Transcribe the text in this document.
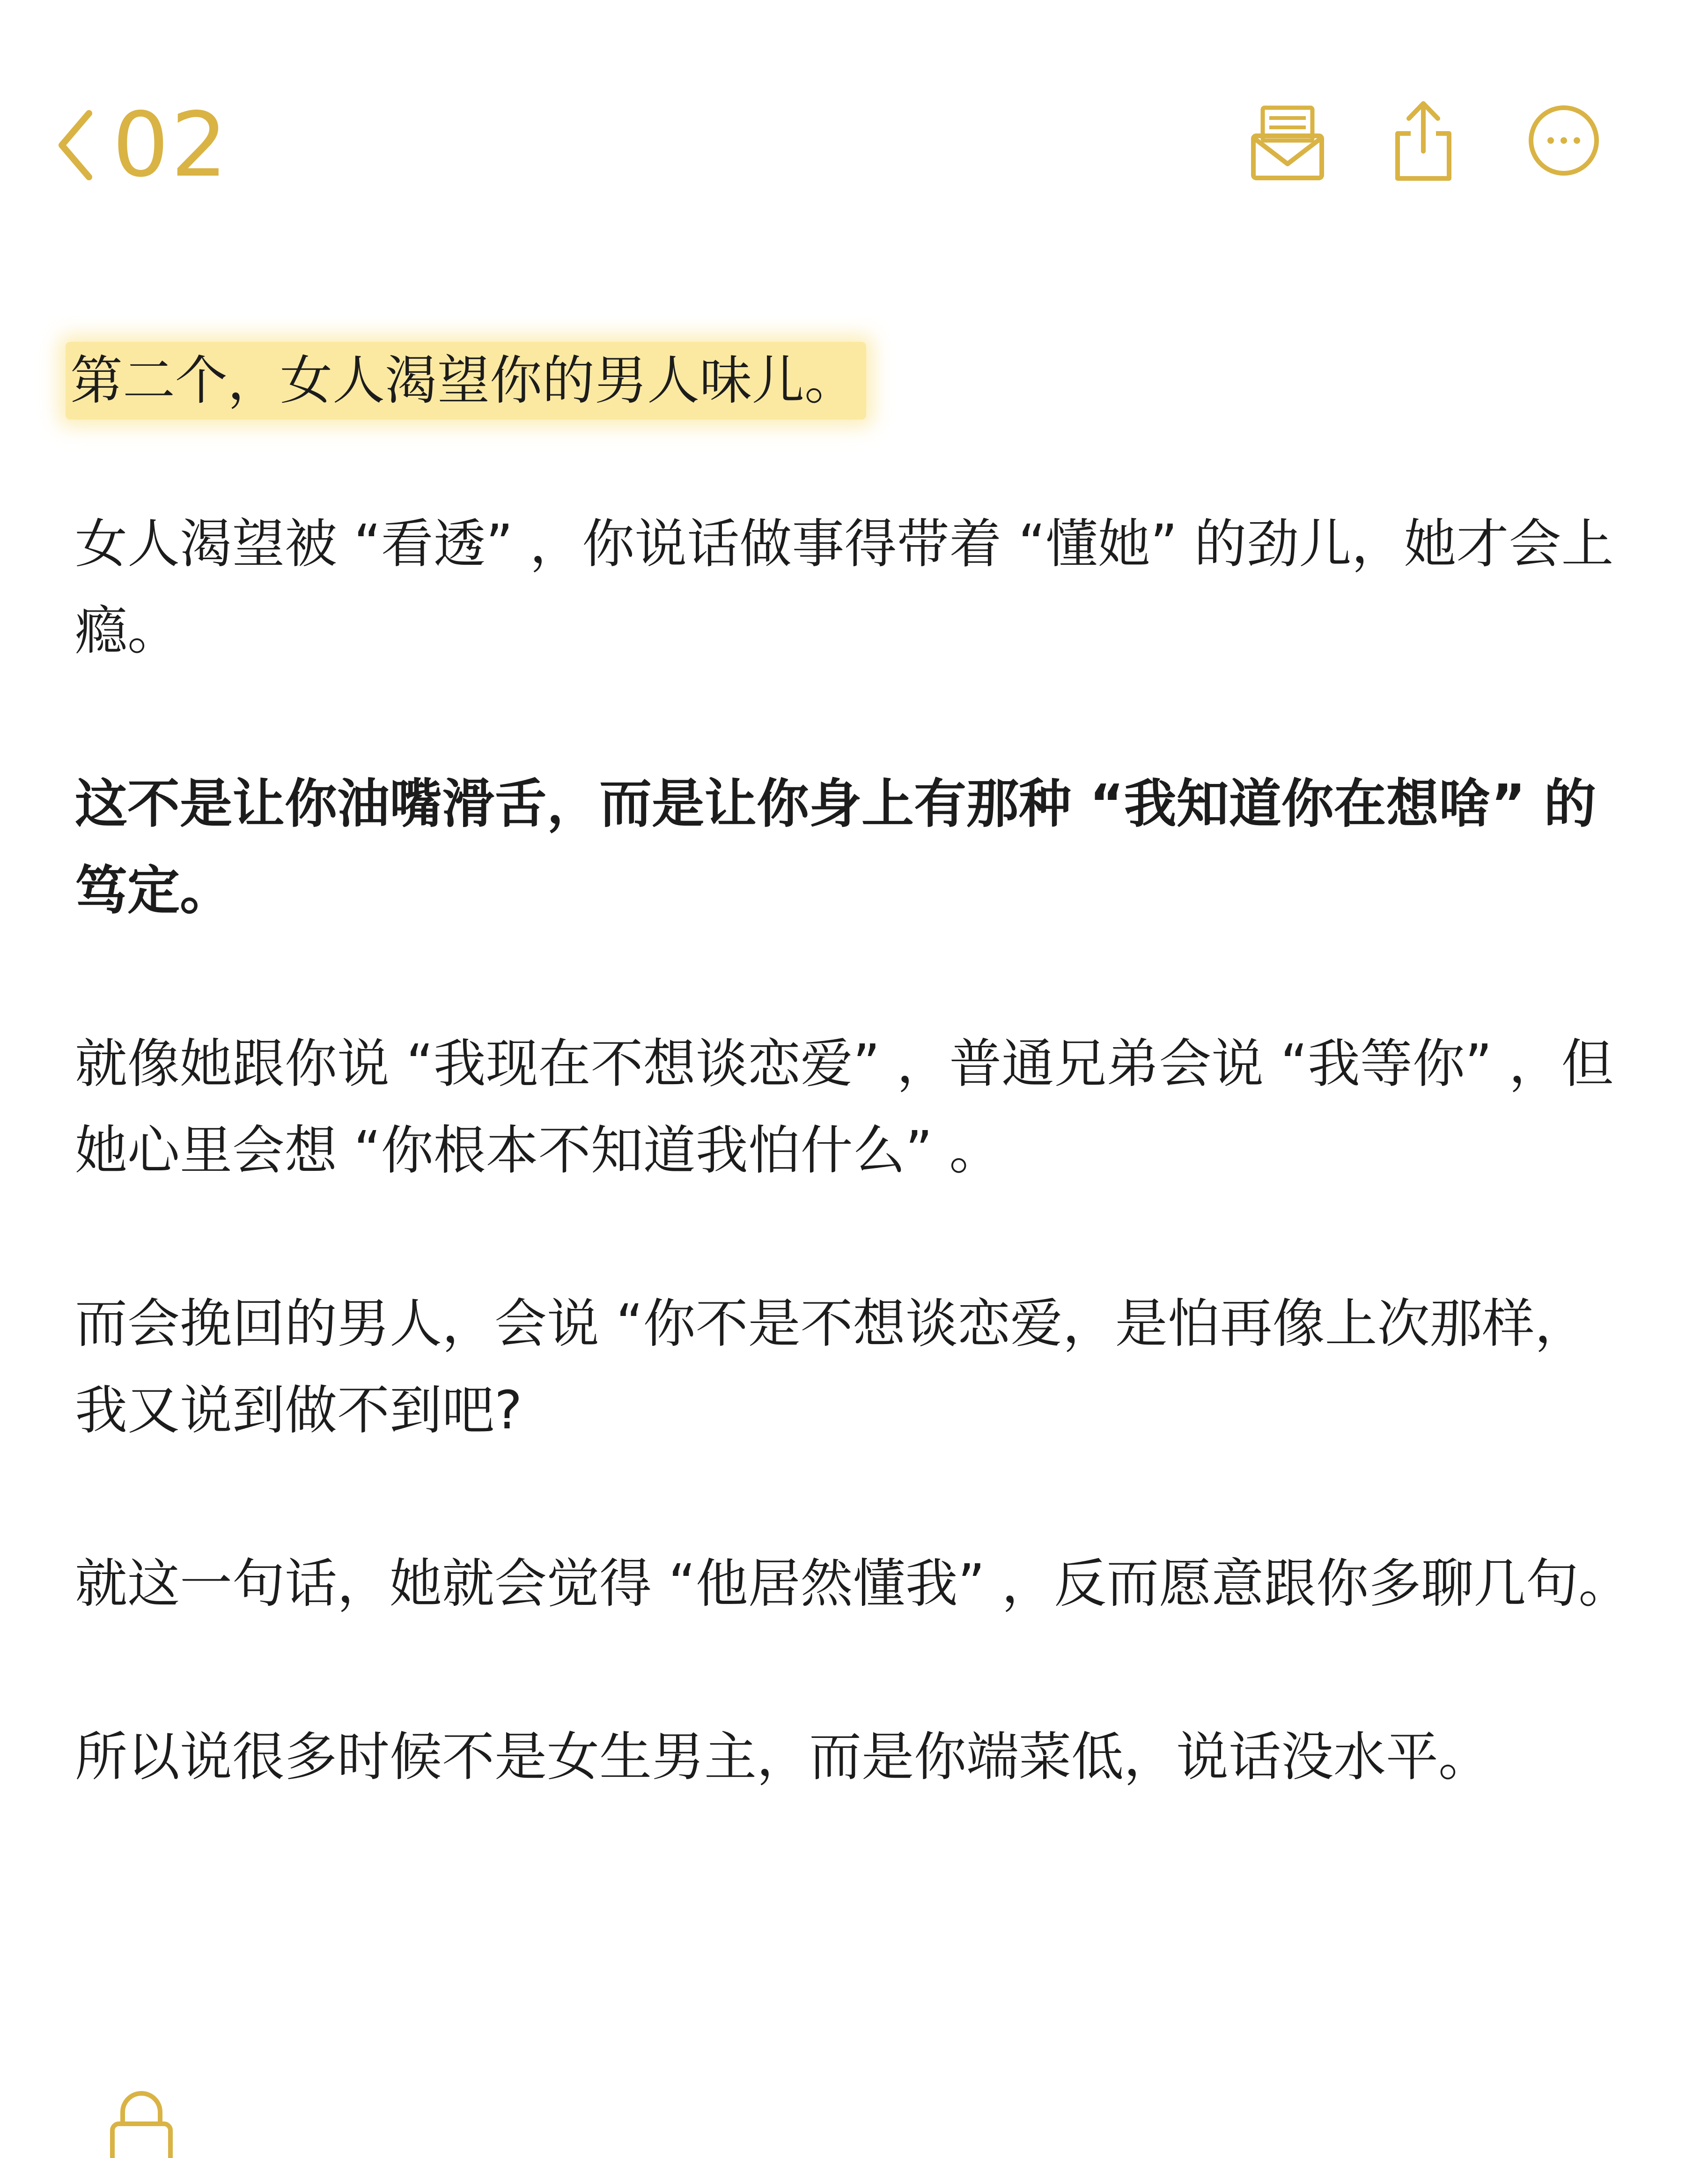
02
第二个，女人渴望你的男人味儿。

女人渴望被 “看透” ，你说话做事得带着 “懂她” 的劲儿，她才会上瘾。

这不是让你油嘴滑舌，而是让你身上有那种 “我知道你在想啥” 的笃定。

就像她跟你说 “我现在不想谈恋爱” ，普通兄弟会说 “我等你” ，但她心里会想 “你根本不知道我怕什么” 。

而会挽回的男人，会说 “你不是不想谈恋爱，是怕再像上次那样，我又说到做不到吧?

就这一句话，她就会觉得 “他居然懂我” ，反而愿意跟你多聊几句。

所以说很多时候不是女生男主，而是你端菜低，说话没水平。
